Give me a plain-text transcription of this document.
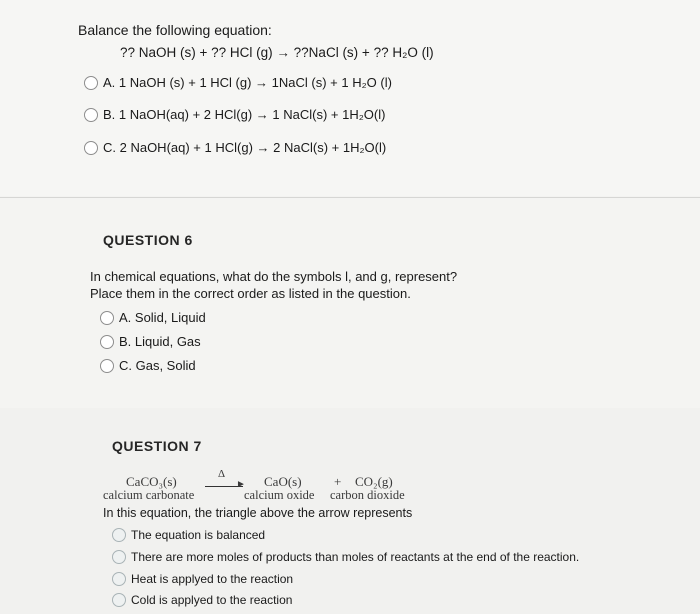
Balance the following equation:
?? NaOH (s) + ?? HCl (g) → ??NaCl (s) + ?? H₂O (l)
A. 1 NaOH (s) + 1 HCl (g) → 1NaCl (s) + 1 H₂O (l)
B. 1 NaOH(aq) + 2 HCl(g) → 1 NaCl(s) + 1H₂O(l)
C. 2 NaOH(aq) + 1 HCl(g) → 2 NaCl(s) + 1H₂O(l)
QUESTION 6
In chemical equations, what do the symbols l, and g, represent?
Place them in the correct order as listed in the question.
A. Solid, Liquid
B. Liquid, Gas
C. Gas, Solid
QUESTION 7
CaCO₃(s)	Δ
► CaO(s) + CO₂(g)
calcium carbonate	calcium oxide carbon dioxide
In this equation, the triangle above the arrow represents
The equation is balanced
There are more moles of products than moles of reactants at the end of the reaction.
Heat is applyed to the reaction
Cold is applyed to the reaction
